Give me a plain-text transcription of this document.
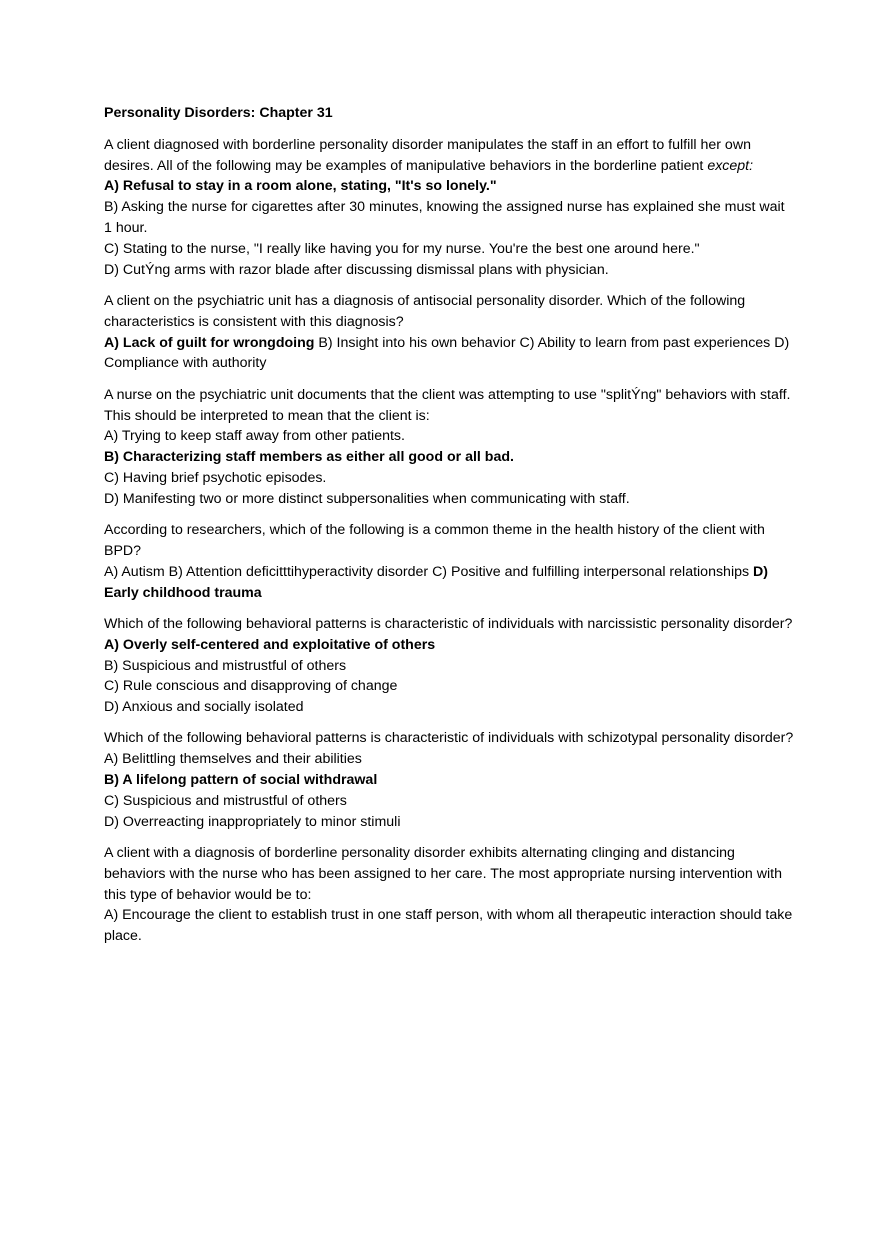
Personality Disorders: Chapter 31
A client diagnosed with borderline personality disorder manipulates the staff in an effort to fulfill her own desires. All of the following may be examples of manipulative behaviors in the borderline patient except:
A) Refusal to stay in a room alone, stating, "It's so lonely."
B) Asking the nurse for cigarettes after 30 minutes, knowing the assigned nurse has explained she must wait 1 hour.
C) Stating to the nurse, "I really like having you for my nurse. You're the best one around here."
D) CutÝng arms with razor blade after discussing dismissal plans with physician.
A client on the psychiatric unit has a diagnosis of antisocial personality disorder. Which of the following characteristics is consistent with this diagnosis?
A) Lack of guilt for wrongdoing B) Insight into his own behavior C) Ability to learn from past experiences D) Compliance with authority
A nurse on the psychiatric unit documents that the client was attempting to use "splitÝng" behaviors with staff. This should be interpreted to mean that the client is:
A) Trying to keep staff away from other patients.
B) Characterizing staff members as either all good or all bad.
C) Having brief psychotic episodes.
D) Manifesting two or more distinct subpersonalities when communicating with staff.
According to researchers, which of the following is a common theme in the health history of the client with BPD?
A) Autism B) Attention deficitttihyperactivity disorder C) Positive and fulfilling interpersonal relationships D) Early childhood trauma
Which of the following behavioral patterns is characteristic of individuals with narcissistic personality disorder?
A) Overly self-centered and exploitative of others
B) Suspicious and mistrustful of others
C) Rule conscious and disapproving of change
D) Anxious and socially isolated
Which of the following behavioral patterns is characteristic of individuals with schizotypal personality disorder?
A) Belittling themselves and their abilities
B) A lifelong pattern of social withdrawal
C) Suspicious and mistrustful of others
D) Overreacting inappropriately to minor stimuli
A client with a diagnosis of borderline personality disorder exhibits alternating clinging and distancing behaviors with the nurse who has been assigned to her care. The most appropriate nursing intervention with this type of behavior would be to:
A) Encourage the client to establish trust in one staff person, with whom all therapeutic interaction should take place.
